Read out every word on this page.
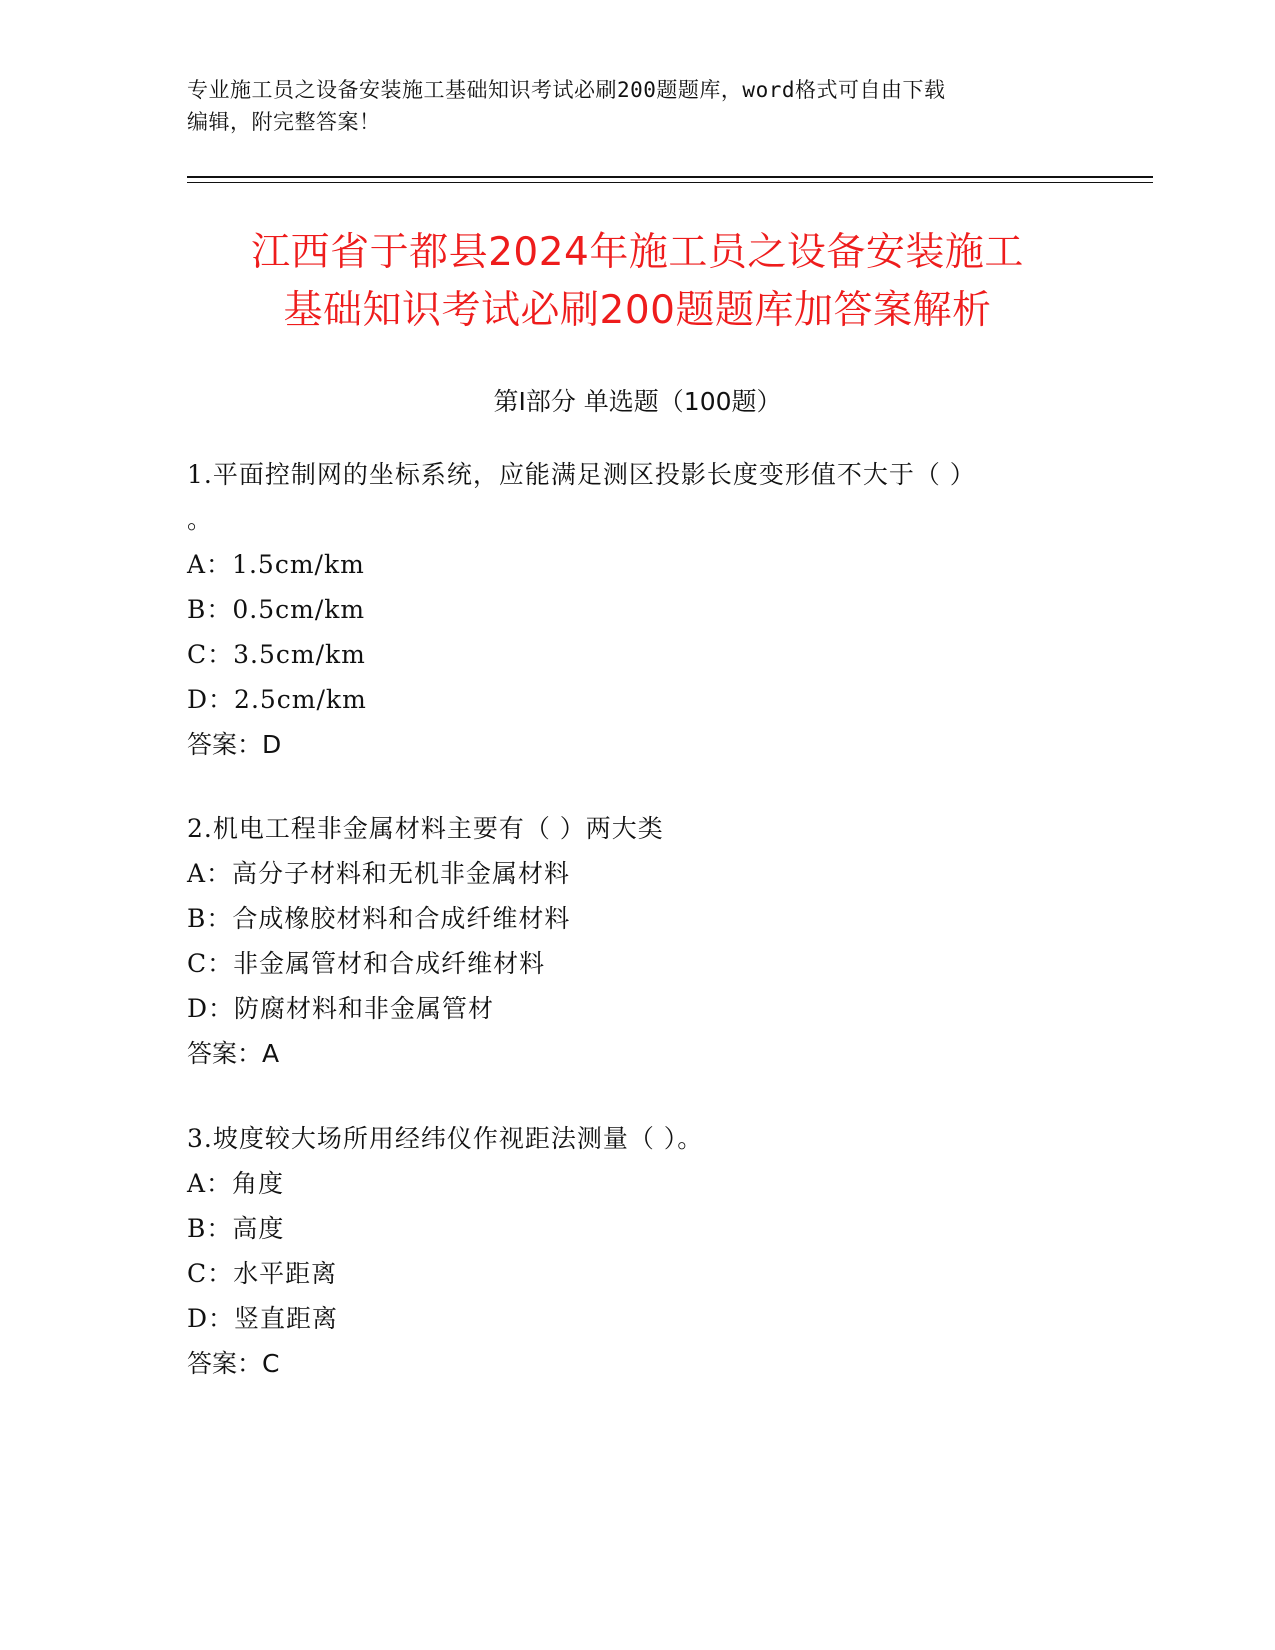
专业施工员之设备安装施工基础知识考试必刷200题题库，word格式可自由下载
编辑，附完整答案！
江西省于都县2024年施工员之设备安装施工
基础知识考试必刷200题题库加答案解析
第Ⅰ部分 单选题（100题）

1.平面控制网的坐标系统，应能满足测区投影长度变形值不大于（ ）

。

A：1.5cm/km

B：0.5cm/km

C：3.5cm/km

D：2.5cm/km

答案：D

2.机电工程非金属材料主要有（ ）两大类

A：高分子材料和无机非金属材料

B：合成橡胶材料和合成纤维材料

C：非金属管材和合成纤维材料

D：防腐材料和非金属管材

答案：A

3.坡度较大场所用经纬仪作视距法测量（ ）。

A：角度

B：高度

C：水平距离

D：竖直距离

答案：C
